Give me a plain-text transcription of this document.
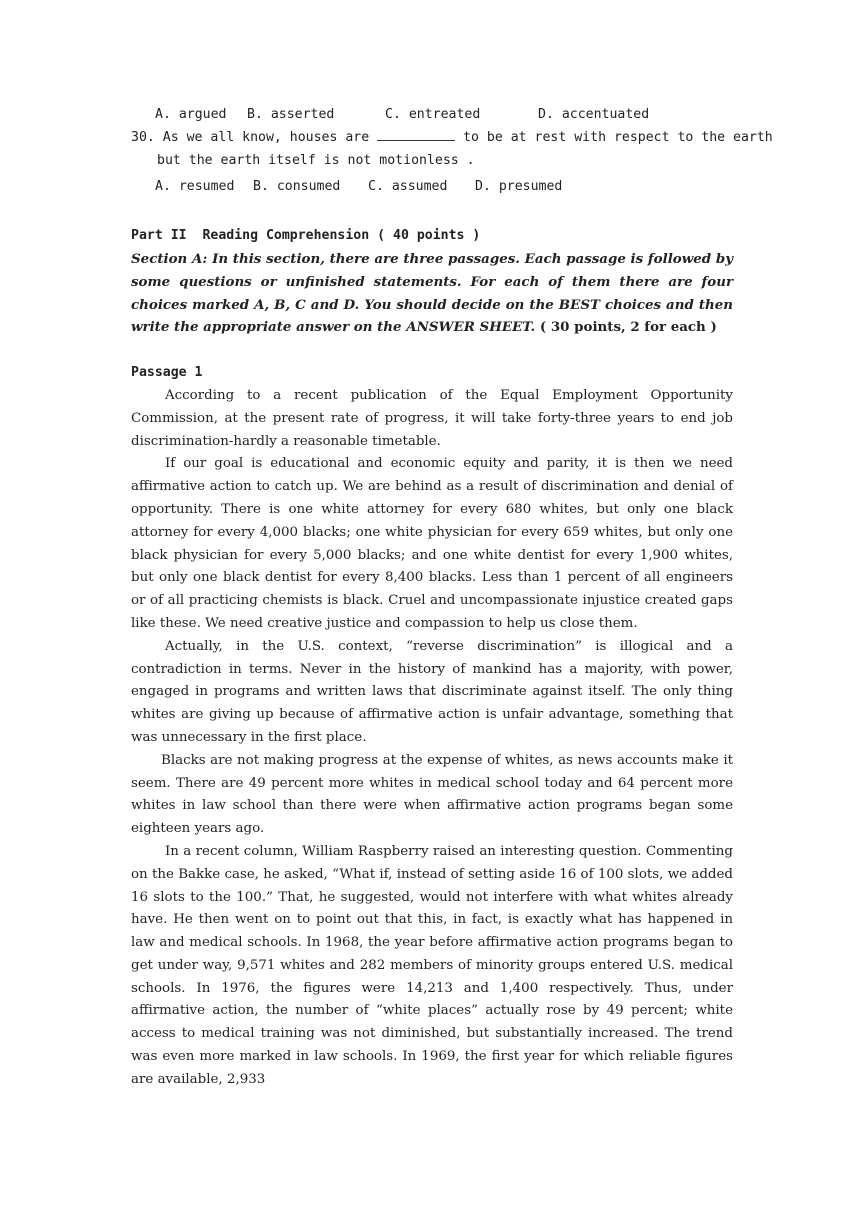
A. argued B. asserted	C. entreated	D. accentuated
30. As we all know, houses are	to be at rest with respect to the earth
but the earth itself is not motionless .
A. resumed B. consumed C. assumed D. presumed
Part II  Reading Comprehension ( 40 points )
Section A: In this section, there are three passages. Each passage is followed by some questions or unfinished statements. For each of them there are four choices marked A, B, C and D. You should decide on the BEST choices and then write the appropriate answer on the ANSWER SHEET. ( 30 points, 2 for each )
Passage 1

According to a recent publication of the Equal Employment Opportunity Commission, at the present rate of progress, it will take forty-three years to end job discrimination-hardly a reasonable timetable.

If our goal is educational and economic equity and parity, it is then we need affirmative action to catch up. We are behind as a result of discrimination and denial of opportunity. There is one white attorney for every 680 whites, but only one black attorney for every 4,000 blacks; one white physician for every 659 whites, but only one black physician for every 5,000 blacks; and one white dentist for every 1,900 whites, but only one black dentist for every 8,400 blacks. Less than 1 percent of all engineers or of all practicing chemists is black. Cruel and uncompassionate injustice created gaps like these. We need creative justice and compassion to help us close them.

Actually, in the U.S. context, “reverse discrimination” is illogical and a contradiction in terms. Never in the history of mankind has a majority, with power, engaged in programs and written laws that discriminate against itself. The only thing whites are giving up because of affirmative action is unfair advantage, something that was unnecessary in the first place.

Blacks are not making progress at the expense of whites, as news accounts make it seem. There are 49 percent more whites in medical school today and 64 percent more whites in law school than there were when affirmative action programs began some eighteen years ago.

In a recent column, William Raspberry raised an interesting question. Commenting on the Bakke case, he asked, “What if, instead of setting aside 16 of 100 slots, we added 16 slots to the 100.” That, he suggested, would not interfere with what whites already have. He then went on to point out that this, in fact, is exactly what has happened in law and medical schools. In 1968, the year before affirmative action programs began to get under way, 9,571 whites and 282 members of minority groups entered U.S. medical schools. In 1976, the figures were 14,213 and 1,400 respectively. Thus, under affirmative action, the number of “white places” actually rose by 49 percent; white access to medical training was not diminished, but substantially increased. The trend was even more marked in law schools. In 1969, the first year for which reliable figures are available, 2,933
